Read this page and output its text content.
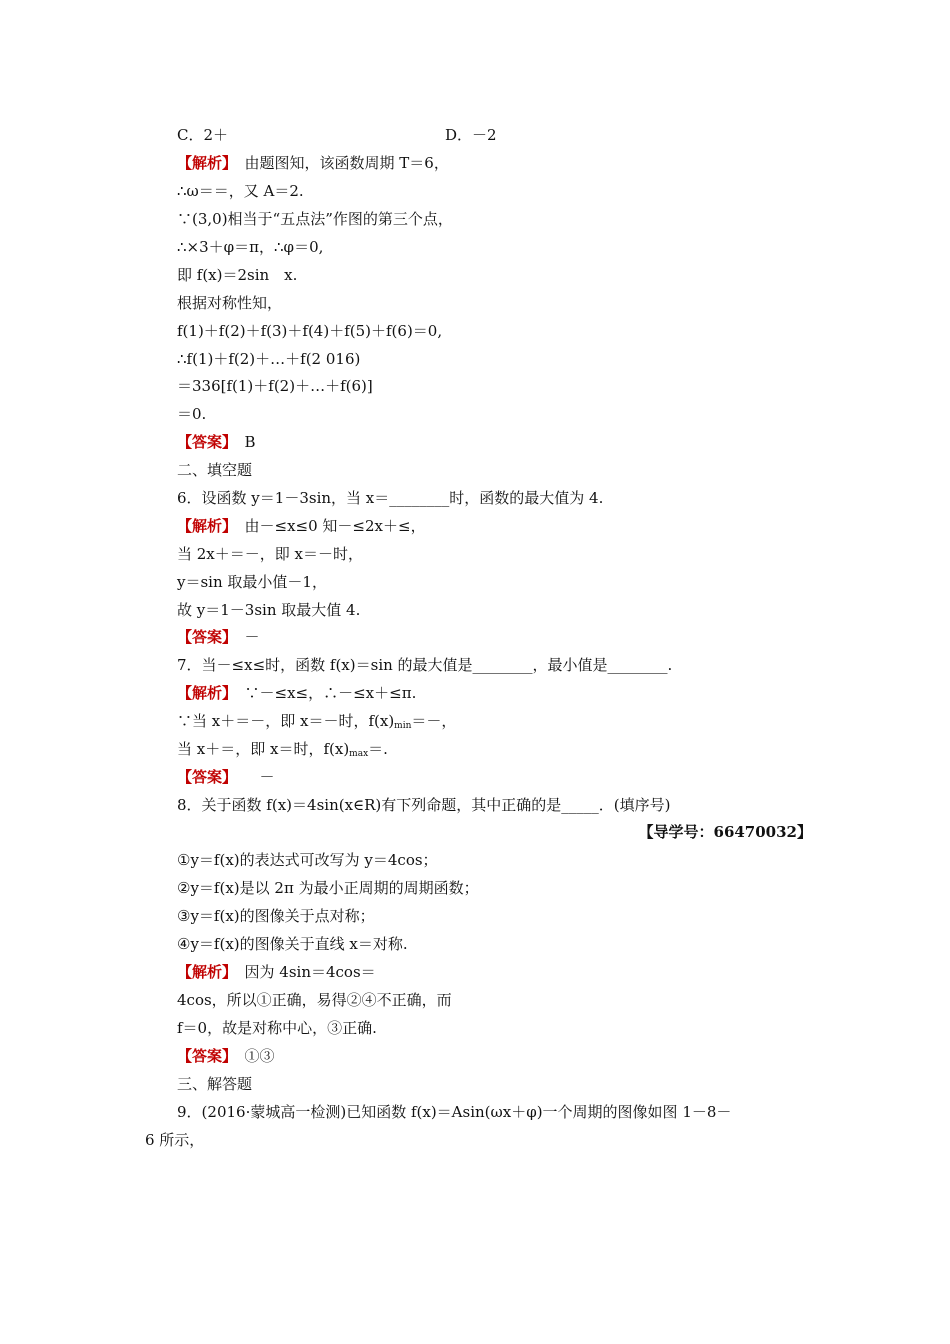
C．2＋	D．－2
【解析】　由题图知，该函数周期 T＝6，
∴ω＝＝，又 A＝2.
∵(3,0)相当于“五点法”作图的第三个点，
∴×3＋φ＝π，∴φ＝0,
即 f(x)＝2sin　x.
根据对称性知，
f(1)＋f(2)＋f(3)＋f(4)＋f(5)＋f(6)＝0,
∴f(1)＋f(2)＋…＋f(2 016)
＝336[f(1)＋f(2)＋…＋f(6)]
＝0.
【答案】　B
二、填空题
6．设函数 y＝1－3sin，当 x＝________时，函数的最大值为 4.
【解析】　由－≤x≤0 知－≤2x＋≤，
当 2x＋＝－，即 x＝－时，
y＝sin 取最小值－1，
故 y＝1－3sin 取最大值 4.
【答案】　－
7．当－≤x≤时，函数 f(x)＝sin 的最大值是________，最小值是________.
【解析】　∵－≤x≤，∴－≤x＋≤π.
∵当 x＋＝－，即 x＝－时，$f(x)_{min}=-$，
当 x＋＝，即 x＝时，$f(x)_{max}=$.
【答案】　　－
8．关于函数 f(x)＝4sin(x∈R)有下列命题，其中正确的是_____．(填序号)
【导学号：66470032】
①y＝f(x)的表达式可改写为 y＝4cos；
②y＝f(x)是以 2π 为最小正周期的周期函数；
③y＝f(x)的图像关于点对称；
④y＝f(x)的图像关于直线 x＝对称.
【解析】　因为 4sin＝4cos＝
4cos，所以①正确，易得②④不正确，而
f＝0，故是对称中心，③正确.
【答案】　①③
三、解答题
9．(2016·蒙城高一检测)已知函数 f(x)＝Asin(ωx＋φ)一个周期的图像如图 1－8－
6 所示，
